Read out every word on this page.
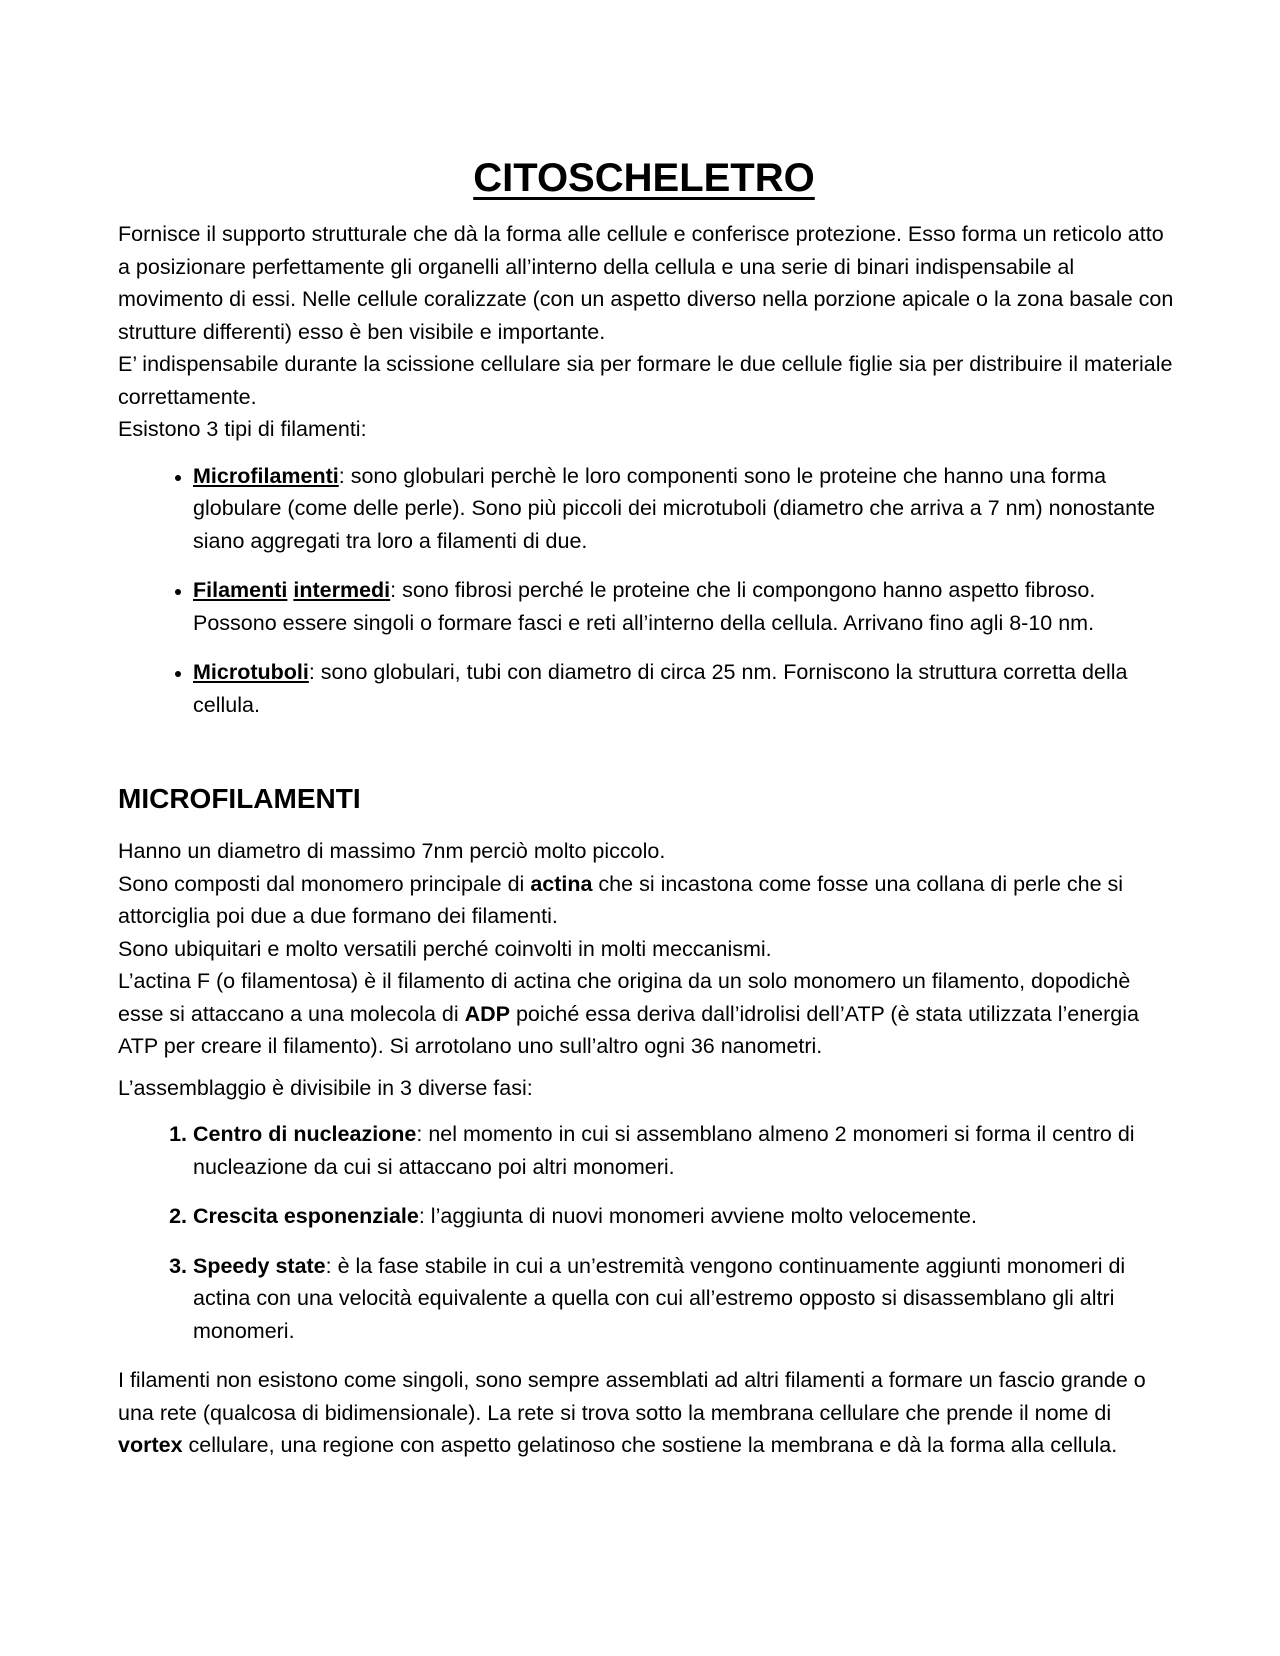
CITOSCHELETRO

Fornisce il supporto strutturale che dà la forma alle cellule e conferisce protezione. Esso forma un reticolo atto a posizionare perfettamente gli organelli all’interno della cellula e una serie di binari indispensabile al movimento di essi. Nelle cellule coralizzate (con un aspetto diverso nella porzione apicale o la zona basale con strutture differenti) esso è ben visibile e importante.

E’ indispensabile durante la scissione cellulare sia per formare le due cellule figlie sia per distribuire il materiale correttamente.

Esistono 3 tipi di filamenti:

• Microfilamenti: sono globulari perchè le loro componenti sono le proteine che hanno una forma globulare (come delle perle). Sono più piccoli dei microtuboli (diametro che arriva a 7 nm) nonostante siano aggregati tra loro a filamenti di due.
• Filamenti intermedi: sono fibrosi perché le proteine che li compongono hanno aspetto fibroso. Possono essere singoli o formare fasci e reti all’interno della cellula. Arrivano fino agli 8-10 nm.
• Microtuboli: sono globulari, tubi con diametro di circa 25 nm. Forniscono la struttura corretta della cellula.
MICROFILAMENTI

Hanno un diametro di massimo 7nm perciò molto piccolo.

Sono composti dal monomero principale di actina che si incastona come fosse una collana di perle che si attorciglia poi due a due formano dei filamenti.

Sono ubiquitari e molto versatili perché coinvolti in molti meccanismi.

L’actina F (o filamentosa) è il filamento di actina che origina da un solo monomero un filamento, dopodichè esse si attaccano a una molecola di ADP poiché essa deriva dall’idrolisi dell’ATP (è stata utilizzata l’energia ATP per creare il filamento). Si arrotolano uno sull’altro ogni 36 nanometri.

L’assemblaggio è divisibile in 3 diverse fasi:

1. Centro di nucleazione: nel momento in cui si assemblano almeno 2 monomeri si forma il centro di nucleazione da cui si attaccano poi altri monomeri.
2. Crescita esponenziale: l’aggiunta di nuovi monomeri avviene molto velocemente.
3. Speedy state: è la fase stabile in cui a un’estremità vengono continuamente aggiunti monomeri di actina con una velocità equivalente a quella con cui all’estremo opposto si disassemblano gli altri monomeri.

I filamenti non esistono come singoli, sono sempre assemblati ad altri filamenti a formare un fascio grande o una rete (qualcosa di bidimensionale). La rete si trova sotto la membrana cellulare che prende il nome di vortex cellulare, una regione con aspetto gelatinoso che sostiene la membrana e dà la forma alla cellula.
